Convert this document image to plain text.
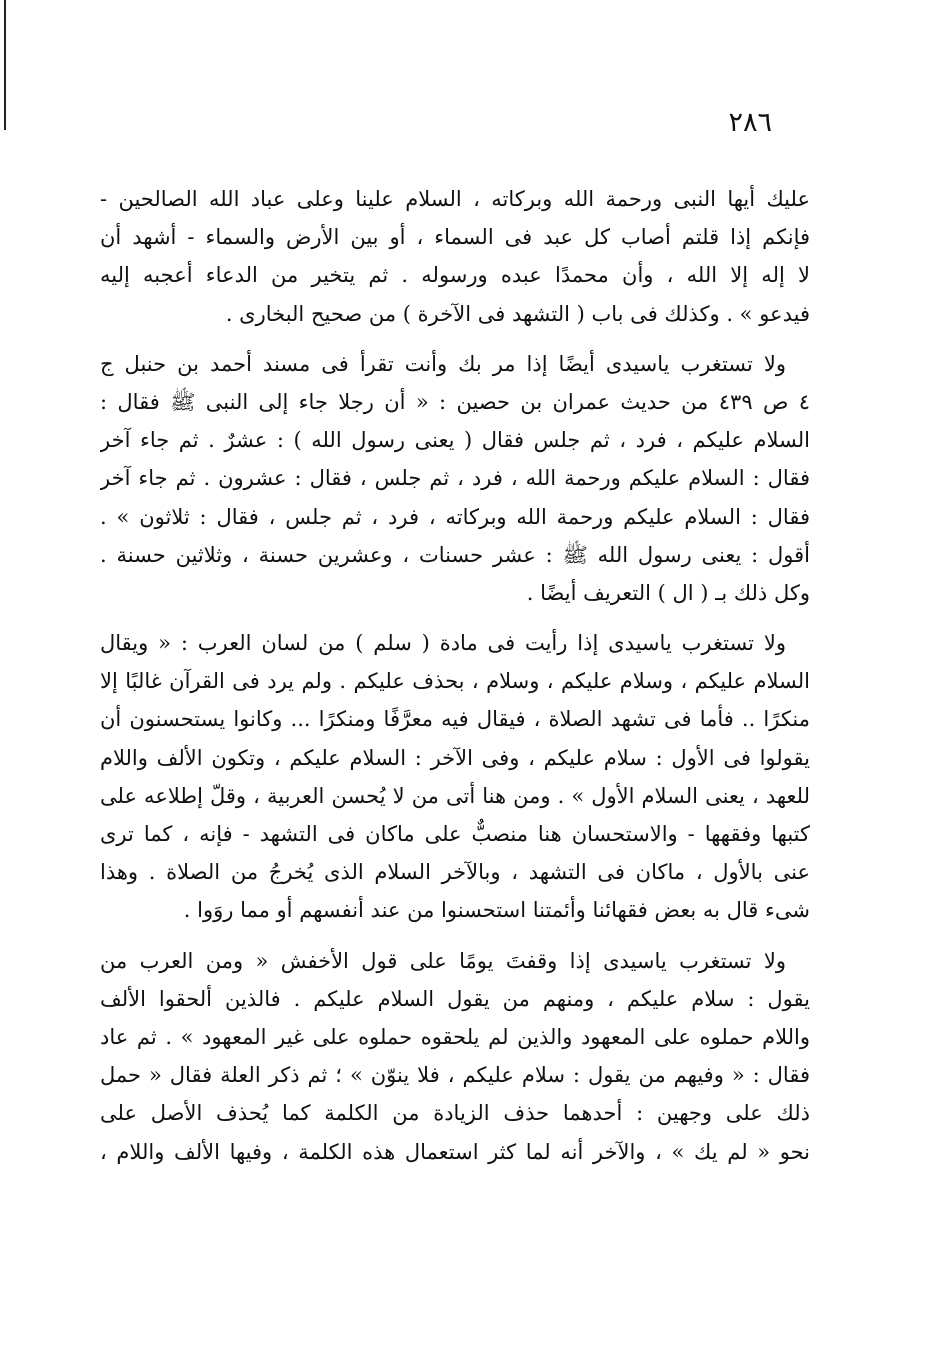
٢٨٦
عليك أيها النبى ورحمة الله وبركاته ، السلام علينا وعلى عباد الله الصالحين -
فإنكم إذا قلتم أصاب كل عبد فى السماء ، أو بين الأرض والسماء - أشهد أن
لا إله إلا الله ، وأن محمدًا عبده ورسوله . ثم يتخير من الدعاء أعجبه إليه
فيدعو » . وكذلك فى باب ( التشهد فى الآخرة ) من صحيح البخارى .
ولا تستغرب ياسيدى أيضًا إذا مر بك وأنت تقرأ فى مسند أحمد بن حنبل ج
٤ ص ٤٣٩ من حديث عمران بن حصين : « أن رجلا جاء إلى النبى ﷺ فقال :
السلام عليكم ، فرد ، ثم جلس فقال ( يعنى رسول الله ) : عشرٌ . ثم جاء آخر
فقال : السلام عليكم ورحمة الله ، فرد ، ثم جلس ، فقال : عشرون . ثم جاء آخر
فقال : السلام عليكم ورحمة الله وبركاته ، فرد ، ثم جلس ، فقال : ثلاثون » .
أقول : يعنى رسول الله ﷺ : عشر حسنات ، وعشرين حسنة ، وثلاثين حسنة .
وكل ذلك بـ ( ال ) التعريف أيضًا .
ولا تستغرب ياسيدى إذا رأيت فى مادة ( سلم ) من لسان العرب : « ويقال
السلام عليكم ، وسلام عليكم ، وسلام ، بحذف عليكم . ولم يرد فى القرآن غالبًا إلا
منكرًا .. فأما فى تشهد الصلاة ، فيقال فيه معرَّفًا ومنكرًا ... وكانوا يستحسنون أن
يقولوا فى الأول : سلام عليكم ، وفى الآخر : السلام عليكم ، وتكون الألف واللام
للعهد ، يعنى السلام الأول » . ومن هنا أتى من لا يُحسن العربية ، وقلّ إطلاعه على
كتبها وفقهها - والاستحسان هنا منصبٌّ على ماكان فى التشهد - فإنه ، كما ترى
عنى بالأول ، ماكان فى التشهد ، وبالآخر السلام الذى يُخرجُ من الصلاة . وهذا
شىء قال به بعض فقهائنا وأئمتنا استحسنوا من عند أنفسهم أو مما روَوا .
ولا تستغرب ياسيدى إذا وقفتَ يومًا على قول الأخفش « ومن العرب من
يقول : سلام عليكم ، ومنهم من يقول السلام عليكم . فالذين ألحقوا الألف
واللام حملوه على المعهود والذين لم يلحقوه حملوه على غير المعهود » . ثم عاد
فقال : « وفيهم من يقول : سلام عليكم ، فلا ينوّن » ؛ ثم ذكر العلة فقال « حمل
ذلك على وجهين : أحدهما حذف الزيادة من الكلمة كما يُحذف الأصل على
نحو « لم يك » ، والآخر أنه لما كثر استعمال هذه الكلمة ، وفيها الألف واللام ،
